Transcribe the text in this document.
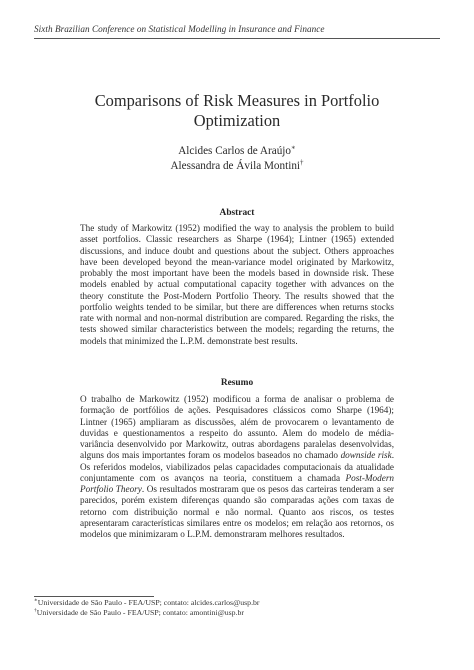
Sixth Brazilian Conference on Statistical Modelling in Insurance and Finance
Comparisons of Risk Measures in Portfolio Optimization
Alcides Carlos de Araújo∗
Alessandra de Ávila Montini†
Abstract
The study of Markowitz (1952) modified the way to analysis the problem to build asset portfolios. Classic researchers as Sharpe (1964); Lintner (1965) extended discussions, and induce doubt and questions about the subject. Others approaches have been developed beyond the mean-variance model originated by Markowitz, probably the most important have been the models based in downside risk. These models enabled by actual computational capacity together with advances on the theory constitute the Post-Modern Portfolio Theory. The results showed that the portfolio weights tended to be similar, but there are differences when returns stocks rate with normal and non-normal distribution are compared. Regarding the risks, the tests showed similar characteristics between the models; regarding the returns, the models that minimized the L.P.M. demonstrate best results.
Resumo
O trabalho de Markowitz (1952) modificou a forma de analisar o problema de formação de portfólios de ações. Pesquisadores clássicos como Sharpe (1964); Lintner (1965) ampliaram as discussões, além de provocarem o levantamento de duvidas e questionamentos a respeito do assunto. Alem do modelo de média-variância desenvolvido por Markowitz, outras abordagens paralelas desenvolvidas, alguns dos mais importantes foram os modelos baseados no chamado downside risk. Os referidos modelos, viabilizados pelas capacidades computacionais da atualidade conjuntamente com os avanços na teoria, constituem a chamada Post-Modern Portfolio Theory. Os resultados mostraram que os pesos das carteiras tenderam a ser parecidos, porém existem diferenças quando são comparadas ações com taxas de retorno com distribuição normal e não normal. Quanto aos riscos, os testes apresentaram características similares entre os modelos; em relação aos retornos, os modelos que minimizaram o L.P.M. demonstraram melhores resultados.
∗Universidade de São Paulo - FEA/USP; contato: alcides.carlos@usp.br
†Universidade de São Paulo - FEA/USP; contato: amontini@usp.br
